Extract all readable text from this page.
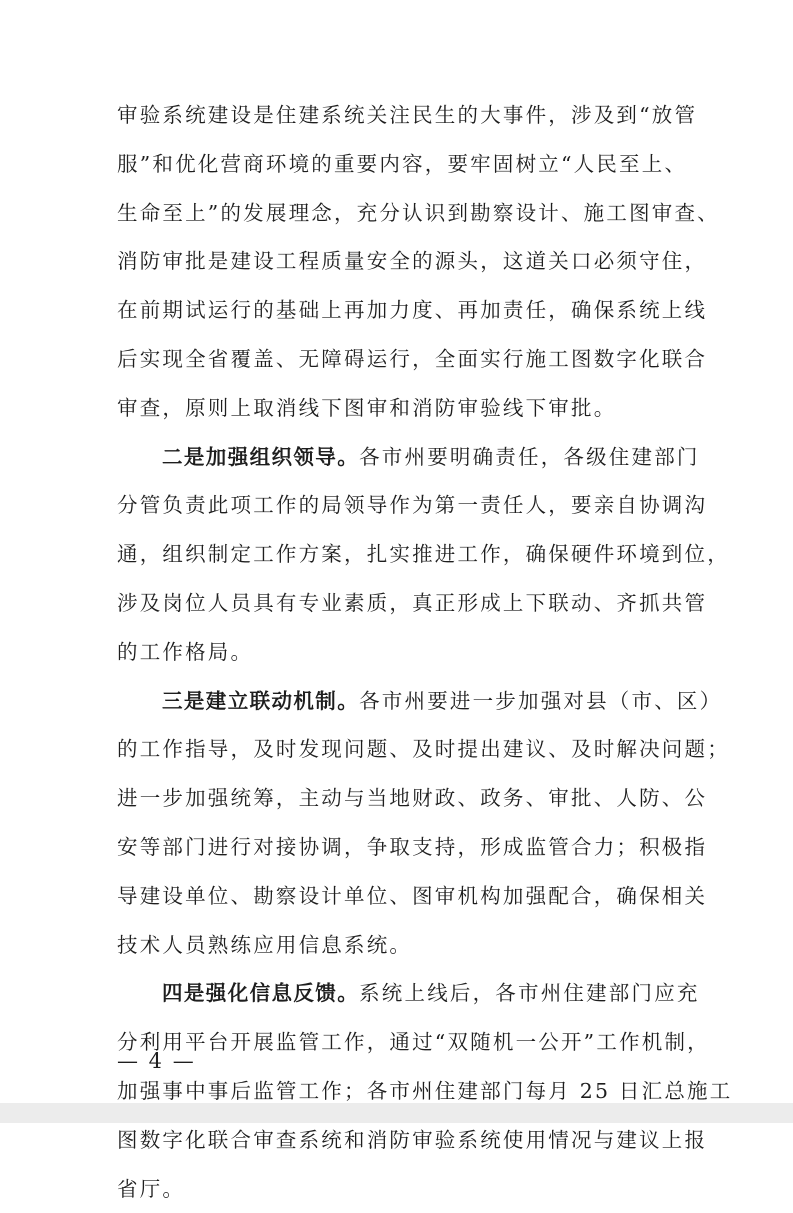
审验系统建设是住建系统关注民生的大事件，涉及到“放管
服”和优化营商环境的重要内容，要牢固树立“人民至上、
生命至上”的发展理念，充分认识到勘察设计、施工图审查、
消防审批是建设工程质量安全的源头，这道关口必须守住，
在前期试运行的基础上再加力度、再加责任，确保系统上线
后实现全省覆盖、无障碍运行，全面实行施工图数字化联合
审查，原则上取消线下图审和消防审验线下审批。
二是加强组织领导。各市州要明确责任，各级住建部门
分管负责此项工作的局领导作为第一责任人，要亲自协调沟
通，组织制定工作方案，扎实推进工作，确保硬件环境到位，
涉及岗位人员具有专业素质，真正形成上下联动、齐抓共管
的工作格局。
三是建立联动机制。各市州要进一步加强对县（市、区）
的工作指导，及时发现问题、及时提出建议、及时解决问题；
进一步加强统筹，主动与当地财政、政务、审批、人防、公
安等部门进行对接协调，争取支持，形成监管合力；积极指
导建设单位、勘察设计单位、图审机构加强配合，确保相关
技术人员熟练应用信息系统。
四是强化信息反馈。系统上线后，各市州住建部门应充
分利用平台开展监管工作，通过“双随机一公开”工作机制，
加强事中事后监管工作；各市州住建部门每月 25 日汇总施工
图数字化联合审查系统和消防审验系统使用情况与建议上报
省厅。
— 4 —
